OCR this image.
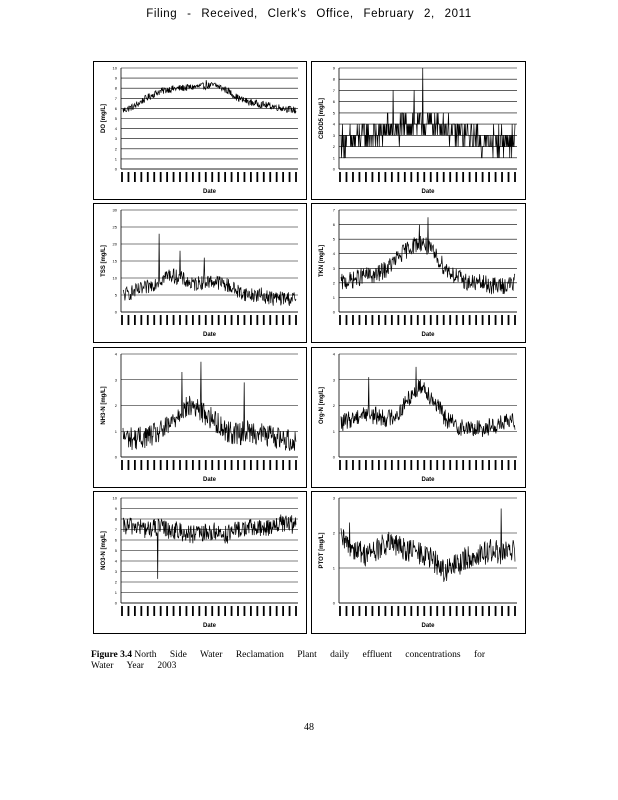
Filing - Received, Clerk's Office, February 2, 2011
0
1
2
3
4
5
6
7
8
9
10
DO [mg/L]
Date
0
1
2
3
4
5
6
7
8
9
CBOD5 [mg/L]
Date
0
5
10
15
20
25
30
TSS [mg/L]
Date
0
1
2
3
4
5
6
7
TKN [mg/L]
Date
0
1
2
3
4
NH3-N [mg/L]
Date
0
1
2
3
4
Org-N [mg/L]
Date
0
1
2
3
4
5
6
7
8
9
10
NO3-N [mg/L]
Date
0
1
2
3
PTOT [mg/L]
Date
Figure 3.4 North Side Water Reclamation Plant daily effluent concentrations for Water Year 2003
48
